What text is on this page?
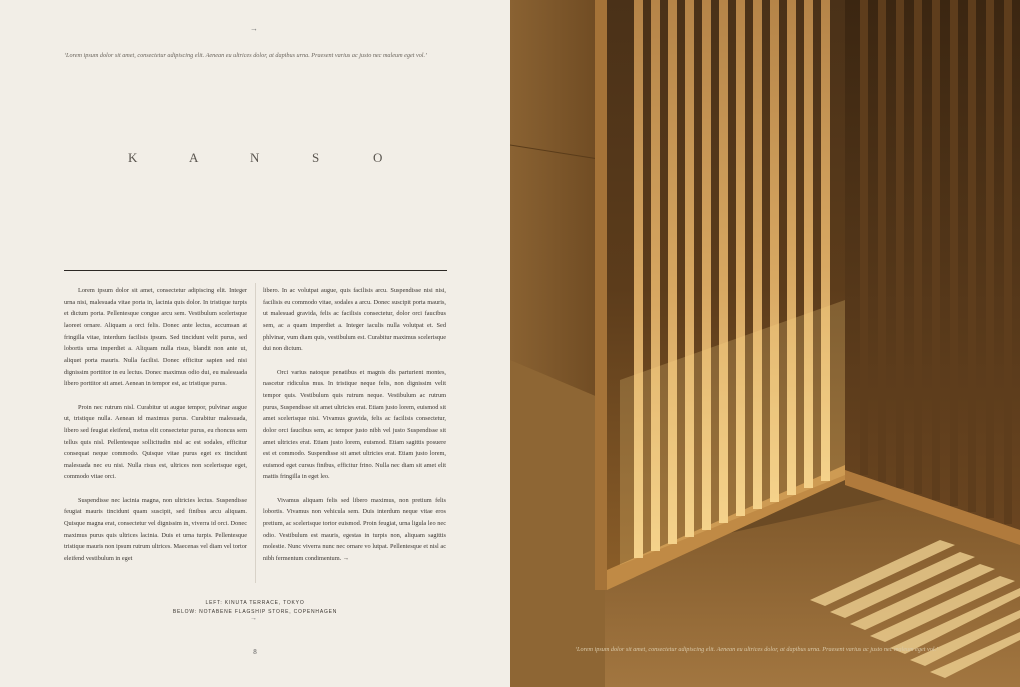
→
‘Lorem ipsum dolor sit amet, consectetur adipiscing elit. Aenean eu ultrices dolor, at dapibus urna. Praesent varius ac justo nec maleum eget vol.’
K	A	N	S	O

Lorem ipsum dolor sit amet, consectetur adipiscing elit. Integer urna nisi, malesuada vitae porta in, lacinia quis dolor. In tristique turpis et dictum porta. Pellentesque congue arcu sem. Vestibulum scelerisque laoreet ornare. Aliquam a orci felis. Donec ante lectus, accumsan at fringilla vitae, interdum facilisis ipsum. Sed tincidunt velit purus, sed lobortis urna imperdiet a. Aliquam nulla risus, blandit non ante ut, aliquet porta mauris. Nulla facilisi. Donec efficitur sapien sed nisi dignissim porttitor in eu lectus. Donec maximus odio dui, eu malesuada libero porttitor sit amet. Aenean in tempor est, ac tristique purus.

Proin nec rutrum nisl. Curabitur ut augue tempor, pulvinar augue ut, tristique nulla. Aenean id maximus purus. Curabitur malesuada, libero sed feugiat eleifend, metus elit consectetur purus, eu rhoncus sem tellus quis nisl. Pellentesque sollicitudin nisl ac est sodales, efficitur consequat neque commodo. Quisque vitae purus eget ex tincidunt malesuada nec eu nisi. Nulla risus est, ultrices non scelerisque eget, commodo vitae orci.

Suspendisse nec lacinia magna, non ultricies lectus. Suspendisse feugiat mauris tincidunt quam suscipit, sed finibus arcu aliquam. Quisque magna erat, consectetur vel dignissim in, viverra id orci. Donec maximus purus quis ultrices lacinia. Duis et urna turpis. Pellentesque tristique mauris non ipsum rutrum ultrices. Maecenas vel diam vel tortor eleifend vestibulum in eget

libero. In ac volutpat augue, quis facilisis arcu. Suspendisse nisi nisi, facilisis eu commodo vitae, sodales a arcu. Donec suscipit porta mauris, ut malesuad gravida, felis ac facilisis consectetur, dolor orci faucibus sem, ac a quam imperdiet a. Integer iaculis nulla volutpat et. Sed phlvinar, vum diam quis, vestibulum est. Curabitur maximus scelerisque dui non dictum.

Orci varius natoque penatibus et magnis dis parturient montes, nascetur ridiculus mus. In tristique neque felis, non dignissim velit tempor quis. Vestibulum quis rutrum neque. Vestibulum ac rutrum purus, Suspendisse sit amet ultricies erat. Etiam justo lorem, euismod sit amet scelerisque nisi. Vivamus gravida, felis ac facilisis consectetur, dolor orci faucibus sem, ac tempor justo nibh vel justo Suspendisse sit amet ultricies erat. Etiam justo lorem, euismod. Etiam sagittis posuere est et commodo. Suspendisse sit amet ultricies erat. Etiam justo lorem, euismod eget cursus finibus, efficitur frino. Nulla nec diam sit amet elit mattis fringilla in eget leo.

Vivamus aliquam felis sed libero maximus, non pretium felis lobortis. Vivamus non vehicula sem. Duis interdum neque vitae eros pretium, ac scelerisque tortor euismod. Proin feugiat, urna ligula leo nec odio. Vestibulum est mauris, egestas in turpis non, aliquam sagittis molestie. Nunc viverra nunc nec ornare vo lutpat. Pellentesque et nisl ac nibh fermentum condimentum. →

LEFT: KINUTA TERRACE, TOKYO
BELOW: NOTABENE FLAGSHIP STORE, COPENHAGEN
→
8	‘Lorem ipsum dolor sit amet, consectetur adipiscing elit. Aenean eu ultrices dolor, at dapibus urna. Praesent varius ac justo nec maleum eget vol.’
